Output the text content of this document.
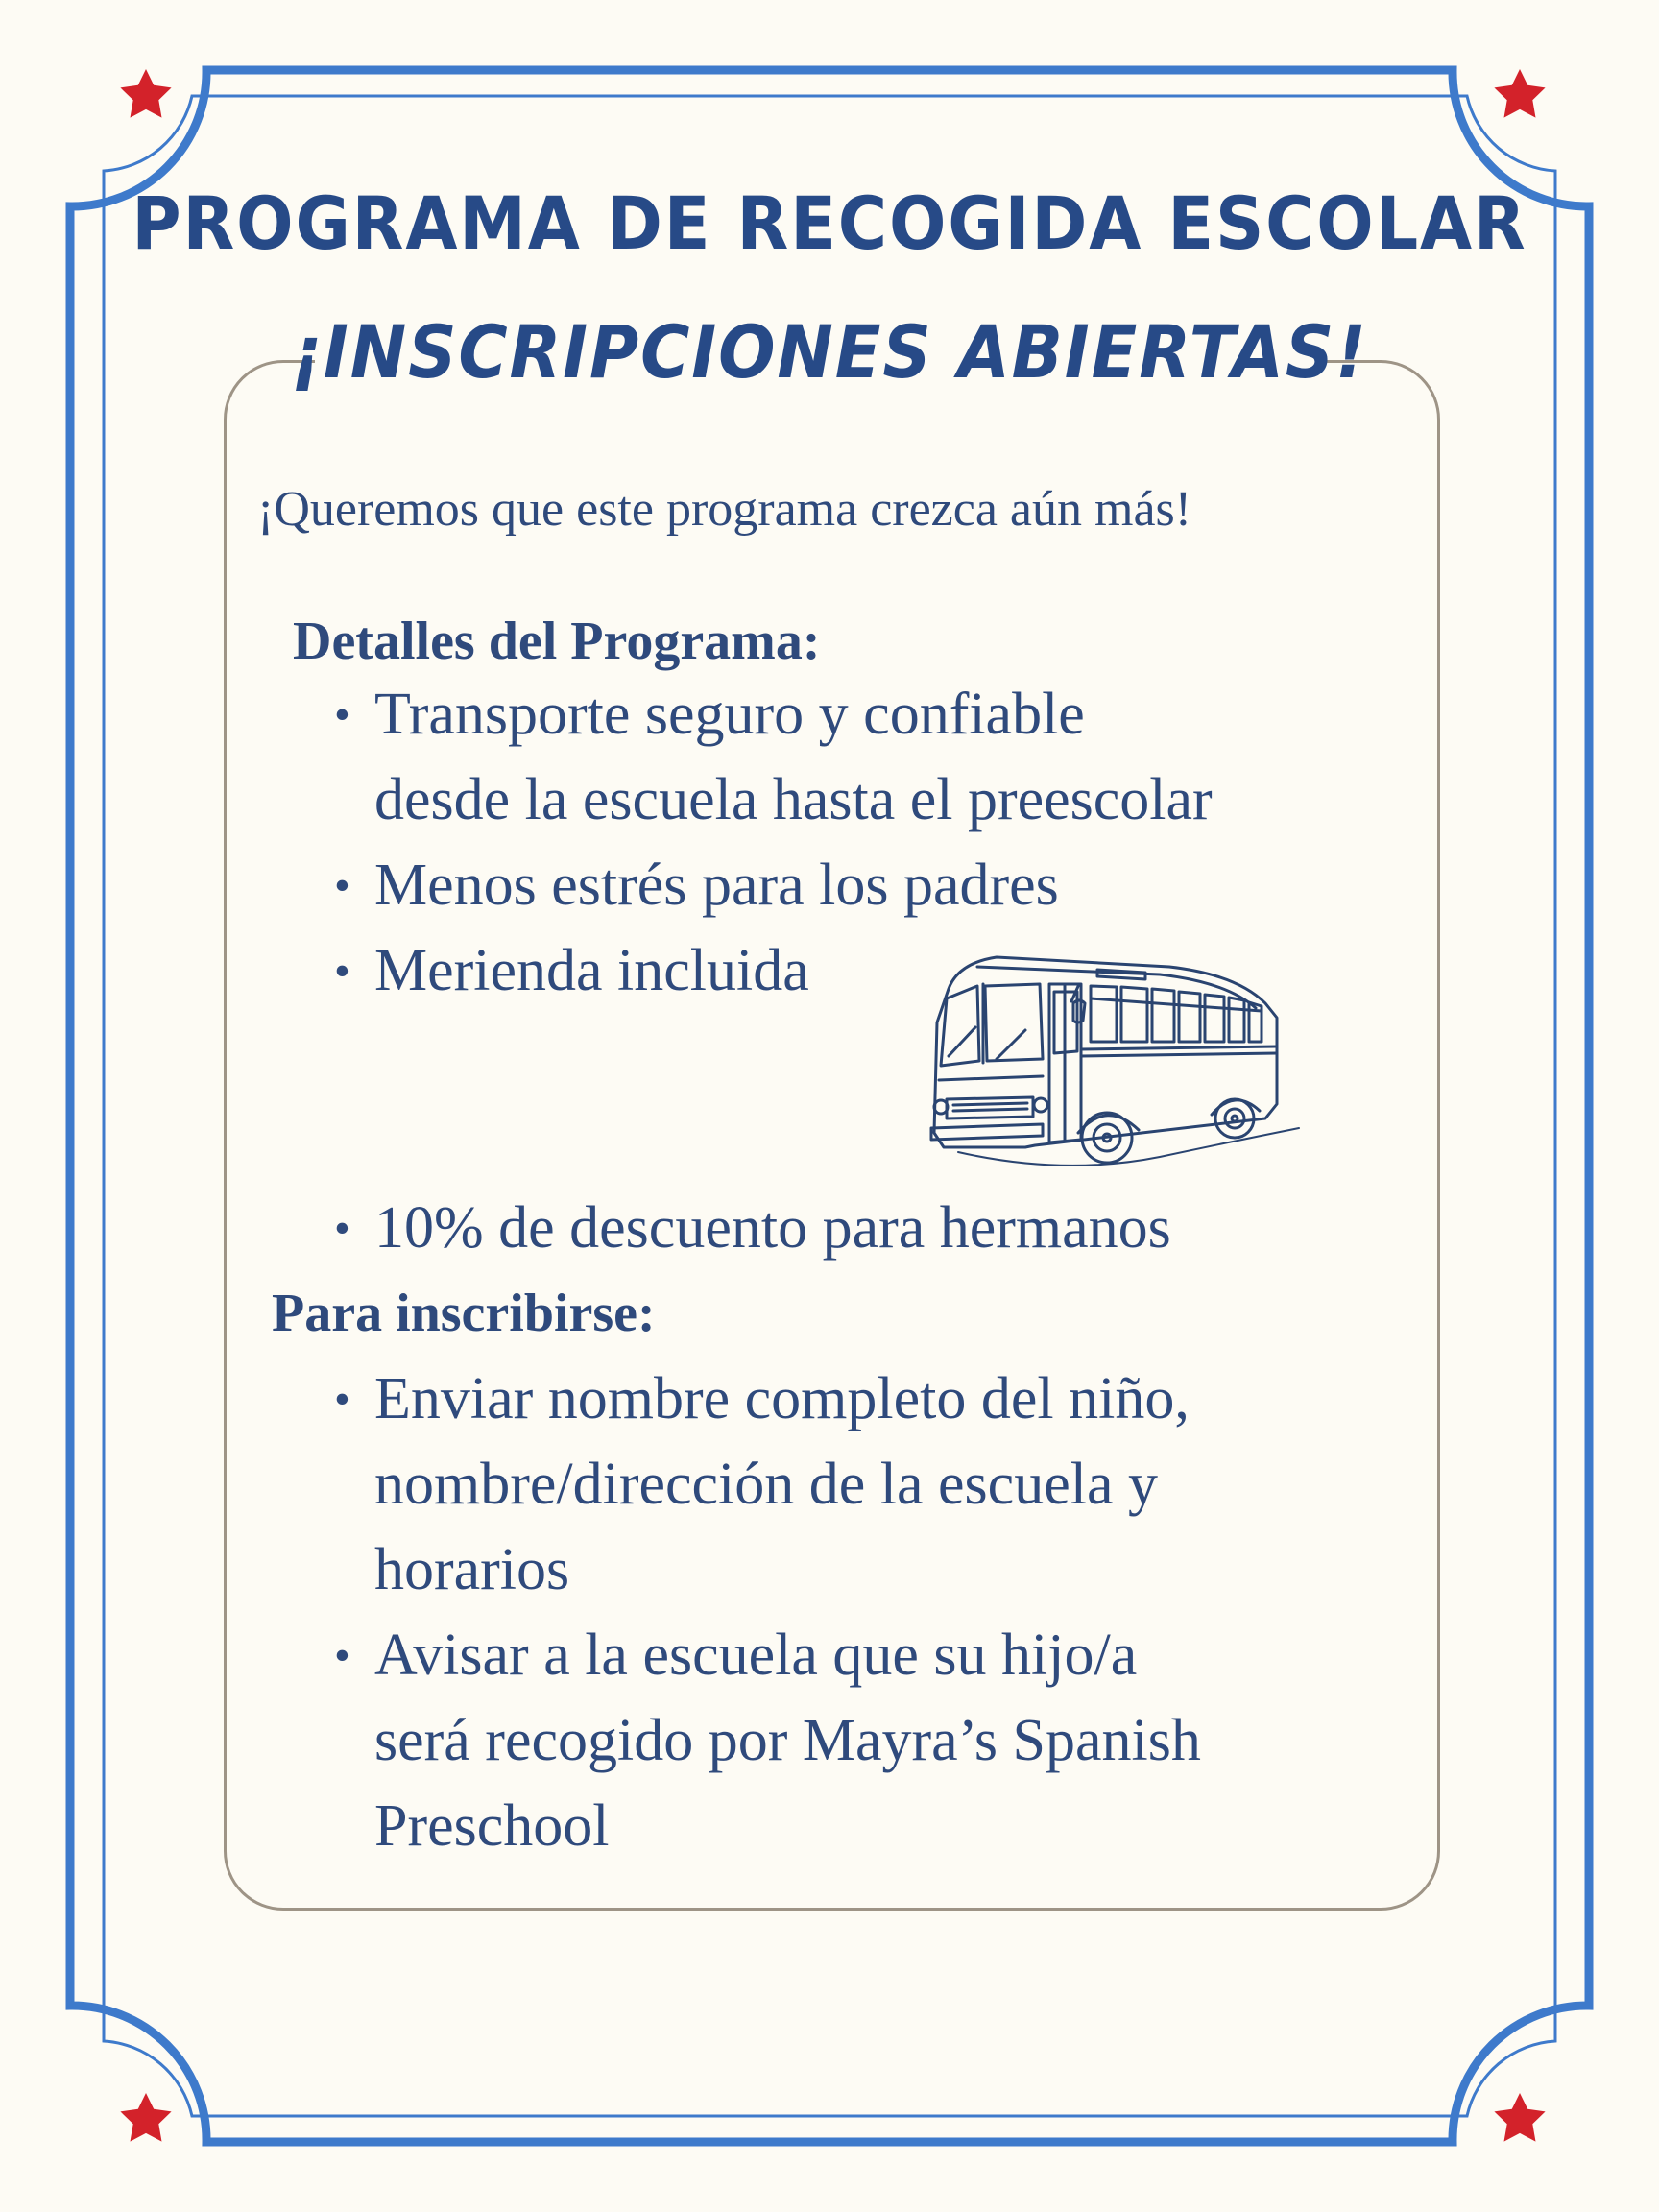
PROGRAMA DE RECOGIDA ESCOLAR
¡INSCRIPCIONES ABIERTAS!
¡Queremos que este programa crezca aún más!
Detalles del Programa:
• Transporte seguro y confiable
desde la escuela hasta el preescolar
• Menos estrés para los padres
• Merienda incluida
• 10% de descuento para hermanos
Para inscribirse:
• Enviar nombre completo del niño,
nombre/dirección de la escuela y
horarios
• Avisar a la escuela que su hijo/a
será recogido por Mayra’s Spanish
Preschool
